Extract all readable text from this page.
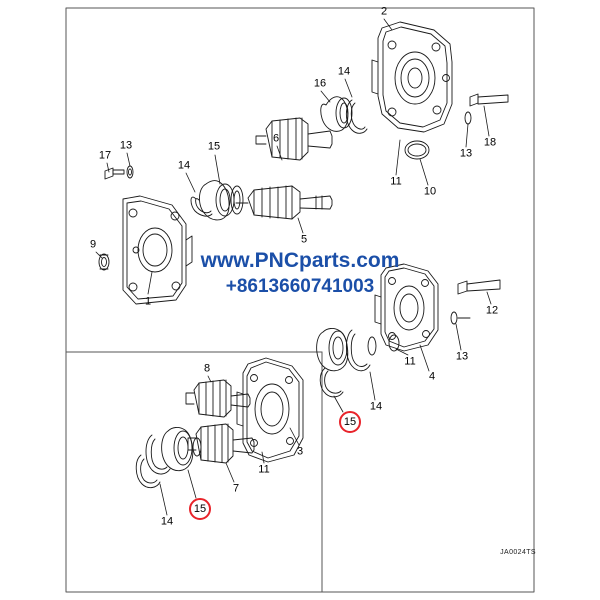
1
2
3
4
5
6
7
8
9
10
11
11
11
12
13
13
13
14
14
14
14
15
15
15
16
17
18
www.PNCparts.com
+8613660741003
JA0024TS
